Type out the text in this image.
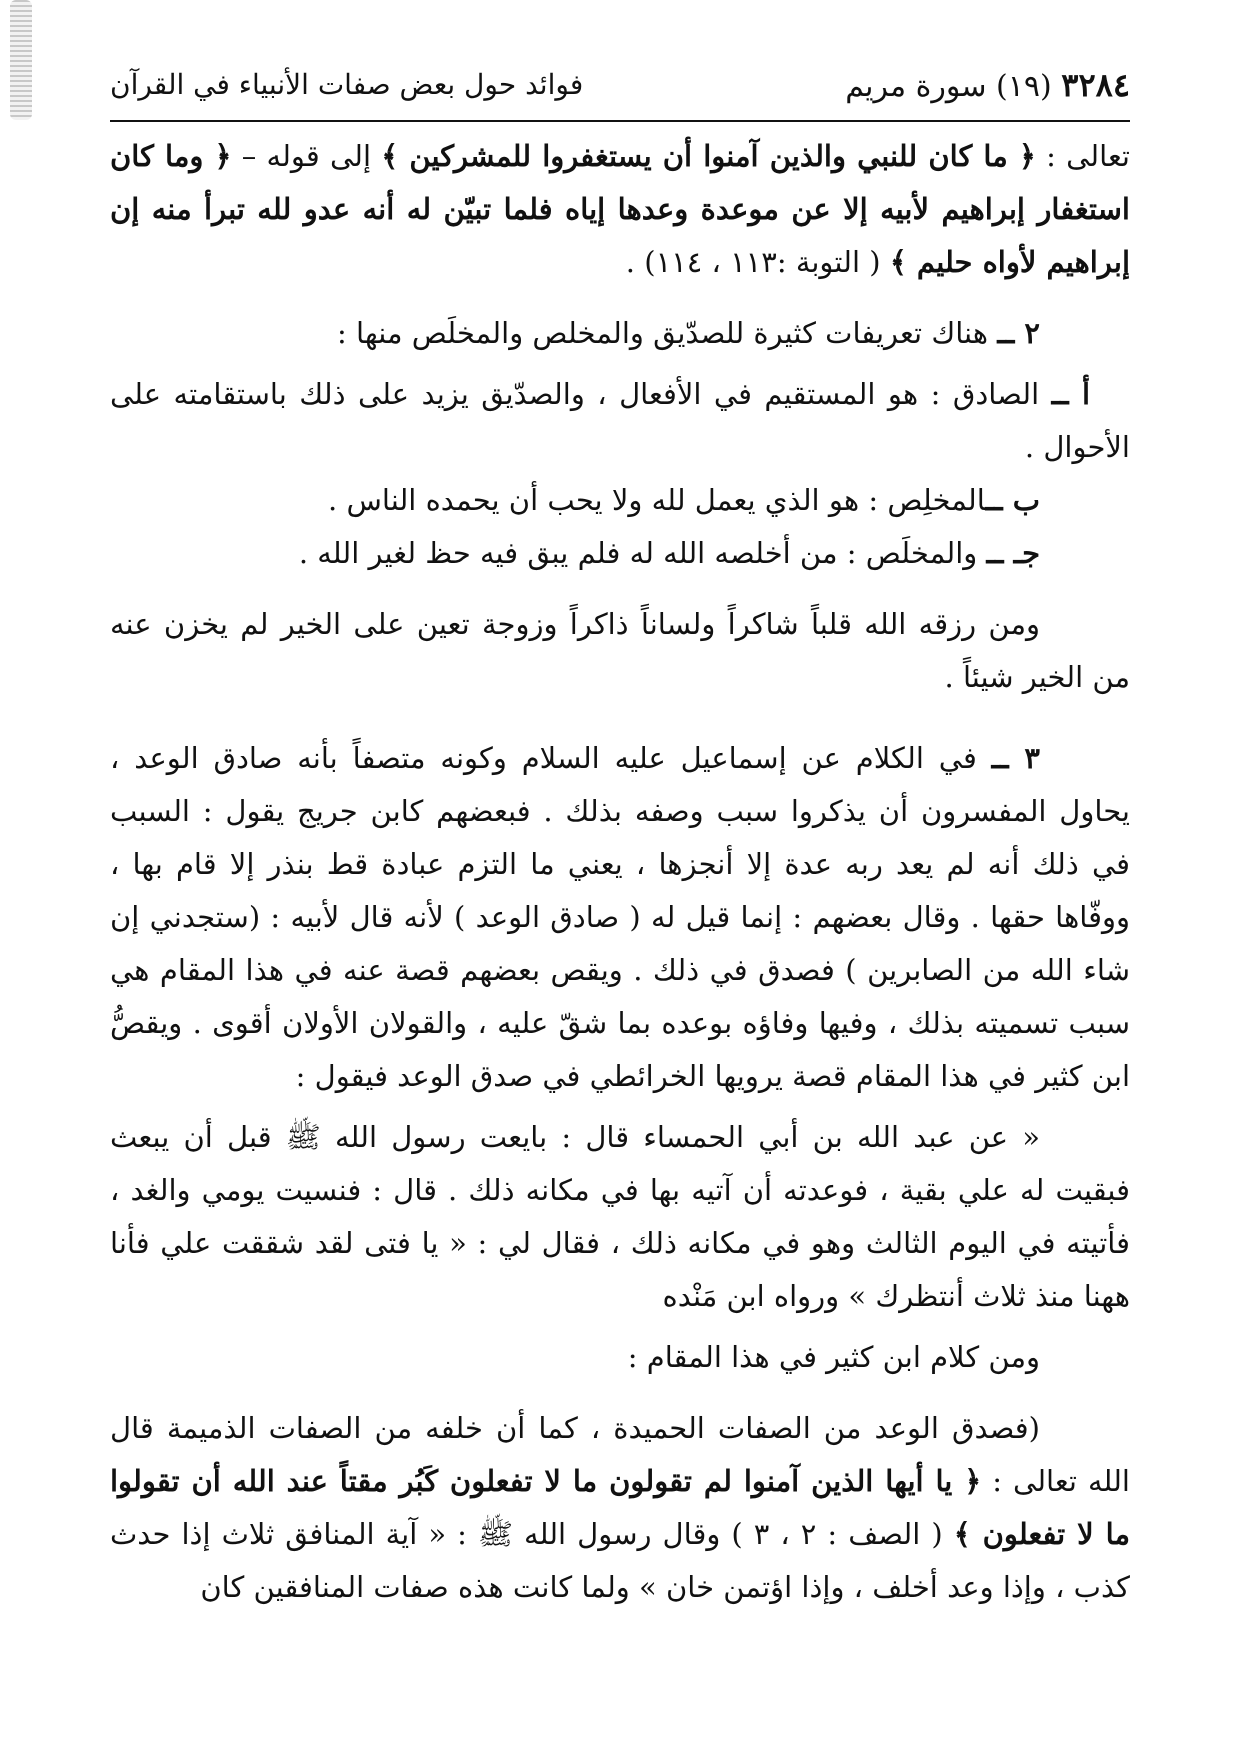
٣٢٨٤ (١٩) سورة مريم
فوائد حول بعض صفات الأنبياء في القرآن

تعالى : ﴿ ما كان للنبي والذين آمنوا أن يستغفروا للمشركين ﴾ إلى قوله – ﴿ وما كان استغفار إبراهيم لأبيه إلا عن موعدة وعدها إياه فلما تبيّن له أنه عدو لله تبرأ منه إن إبراهيم لأواه حليم ﴾ ( التوبة :١١٣ ، ١١٤) .

٢ ــ هناك تعريفات كثيرة للصدّيق والمخلص والمخلَص منها :

أ ــ الصادق : هو المستقيم في الأفعال ، والصدّيق يزيد على ذلك باستقامته على الأحوال .

ب ــالمخلِص : هو الذي يعمل لله ولا يحب أن يحمده الناس .

جـ ــ والمخلَص : من أخلصه الله له فلم يبق فيه حظ لغير الله .

ومن رزقه الله قلباً شاكراً ولساناً ذاكراً وزوجة تعين على الخير لم يخزن عنه من الخير شيئاً .

٣ ــ في الكلام عن إسماعيل عليه السلام وكونه متصفاً بأنه صادق الوعد ، يحاول المفسرون أن يذكروا سبب وصفه بذلك . فبعضهم كابن جريج يقول : السبب في ذلك أنه لم يعد ربه عدة إلا أنجزها ، يعني ما التزم عبادة قط بنذر إلا قام بها ، ووفّاها حقها . وقال بعضهم : إنما قيل له ( صادق الوعد ) لأنه قال لأبيه : (ستجدني إن شاء الله من الصابرين ) فصدق في ذلك . ويقص بعضهم قصة عنه في هذا المقام هي سبب تسميته بذلك ، وفيها وفاؤه بوعده بما شقّ عليه ، والقولان الأولان أقوى . ويقصُّ ابن كثير في هذا المقام قصة يرويها الخرائطي في صدق الوعد فيقول :

« عن عبد الله بن أبي الحمساء قال : بايعت رسول الله ﷺ قبل أن يبعث فبقيت له علي بقية ، فوعدته أن آتيه بها في مكانه ذلك . قال : فنسيت يومي والغد ، فأتيته في اليوم الثالث وهو في مكانه ذلك ، فقال لي : « يا فتى لقد شققت علي فأنا ههنا منذ ثلاث أنتظرك » ورواه ابن مَنْده

ومن كلام ابن كثير في هذا المقام :

(فصدق الوعد من الصفات الحميدة ، كما أن خلفه من الصفات الذميمة قال الله تعالى : ﴿ يا أيها الذين آمنوا لم تقولون ما لا تفعلون كَبُر مقتاً عند الله أن تقولوا ما لا تفعلون ﴾ ( الصف : ٢ ، ٣ ) وقال رسول الله ﷺ : « آية المنافق ثلاث إذا حدث كذب ، وإذا وعد أخلف ، وإذا اؤتمن خان » ولما كانت هذه صفات المنافقين كان
